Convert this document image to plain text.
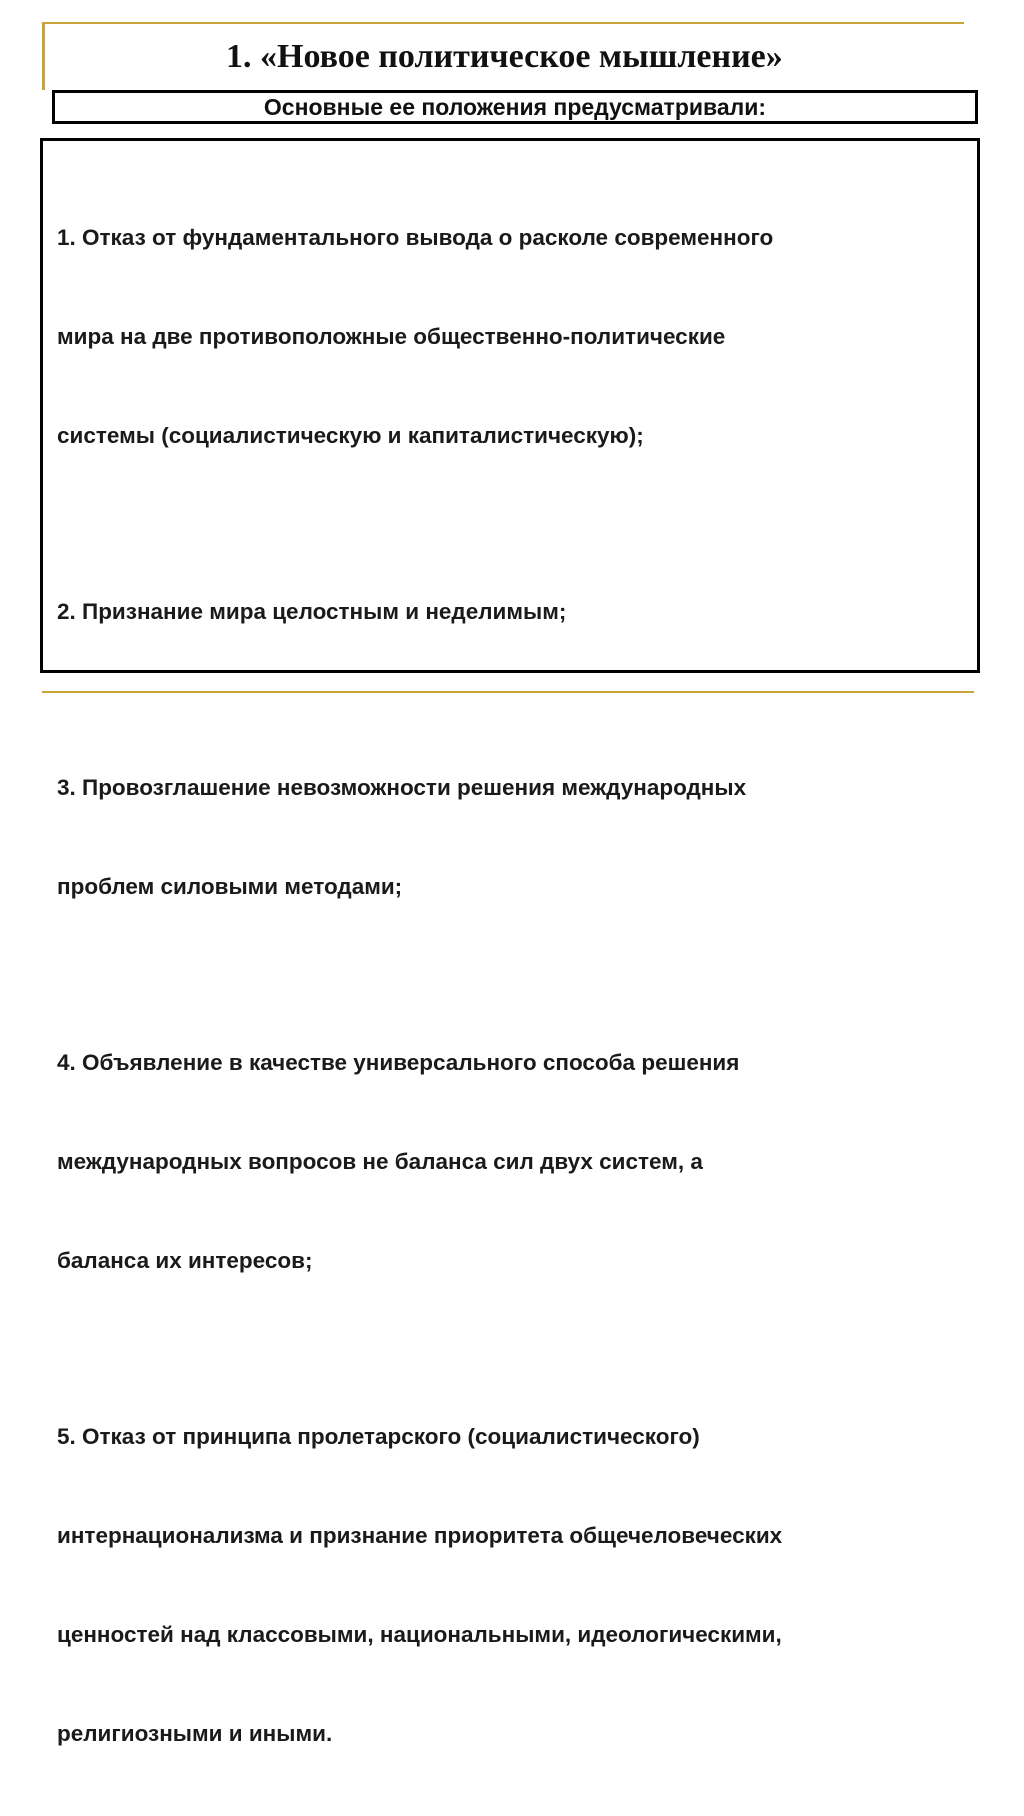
1. «Новое политическое мышление»
Основные ее положения предусматривали:

1. Отказ от фундаментального вывода о расколе современного

мира на две противоположные общественно-политические

системы (социалистическую и капиталистическую);

2. Признание мира целостным и неделимым;

3. Провозглашение невозможности решения международных

проблем силовыми методами;

4. Объявление в качестве универсального способа решения

международных вопросов не баланса сил двух систем, а

баланса их интересов;

5. Отказ от принципа пролетарского (социалистического)

интернационализма и признание приоритета общечеловеческих

ценностей над классовыми, национальными, идеологическими,

религиозными и иными.
